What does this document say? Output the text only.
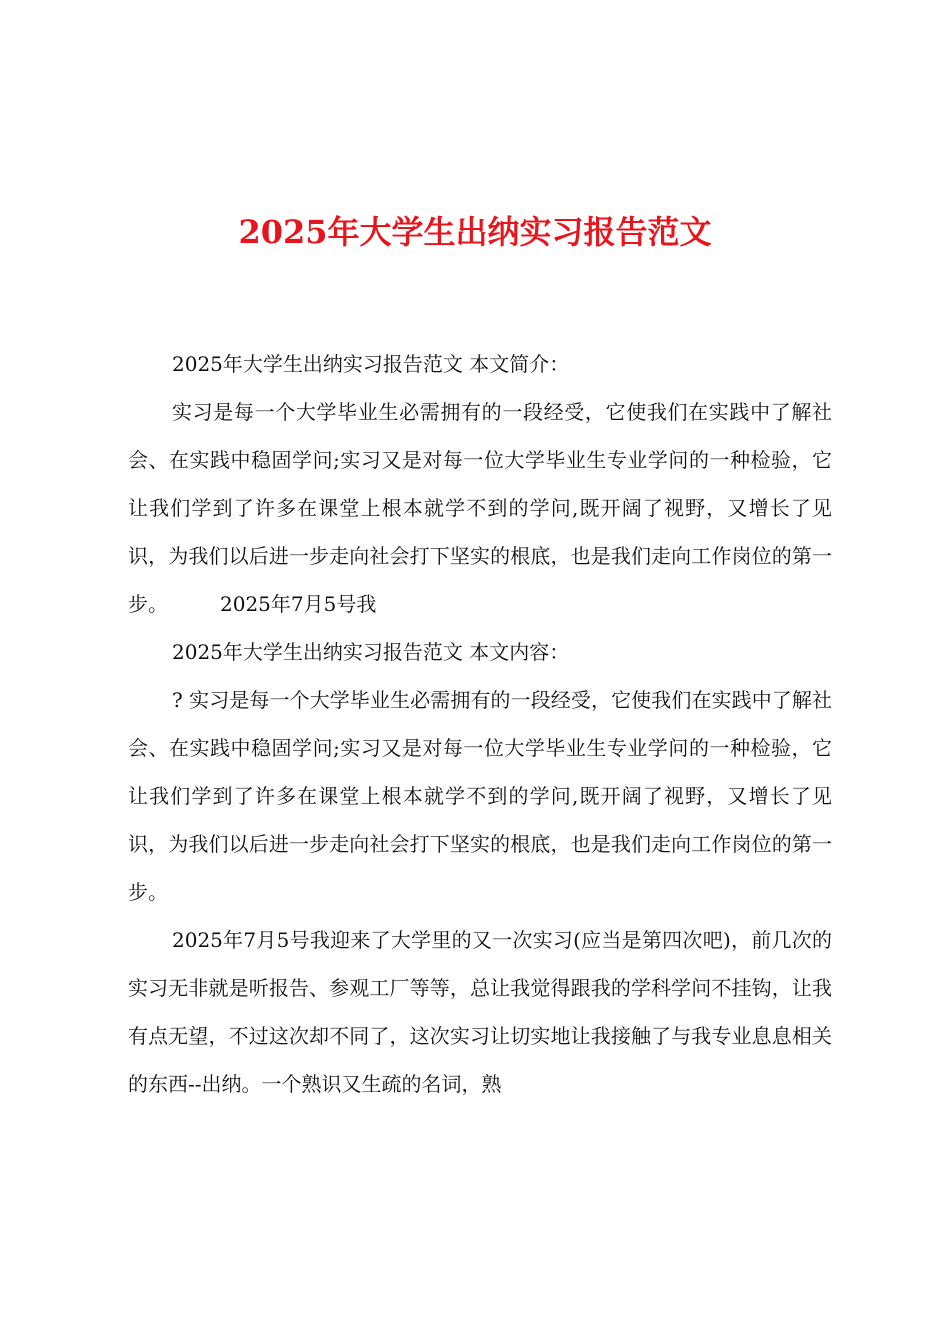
2025年大学生出纳实习报告范文

2025年大学生出纳实习报告范文 本文简介：

实习是每一个大学毕业生必需拥有的一段经受，它使我们在实践中了解社会、在实践中稳固学问;实习又是对每一位大学毕业生专业学问的一种检验，它让我们学到了许多在课堂上根本就学不到的学问,既开阔了视野，又增长了见识，为我们以后进一步走向社会打下坚实的根底，也是我们走向工作岗位的第一步。	2025年7月5号我

2025年大学生出纳实习报告范文 本文内容：

? 实习是每一个大学毕业生必需拥有的一段经受，它使我们在实践中了解社会、在实践中稳固学问;实习又是对每一位大学毕业生专业学问的一种检验，它让我们学到了许多在课堂上根本就学不到的学问,既开阔了视野，又增长了见识，为我们以后进一步走向社会打下坚实的根底，也是我们走向工作岗位的第一步。

2025年7月5号我迎来了大学里的又一次实习(应当是第四次吧)，前几次的实习无非就是听报告、参观工厂等等，总让我觉得跟我的学科学问不挂钩，让我有点无望，不过这次却不同了，这次实习让切实地让我接触了与我专业息息相关的东西--出纳。一个熟识又生疏的名词，熟
